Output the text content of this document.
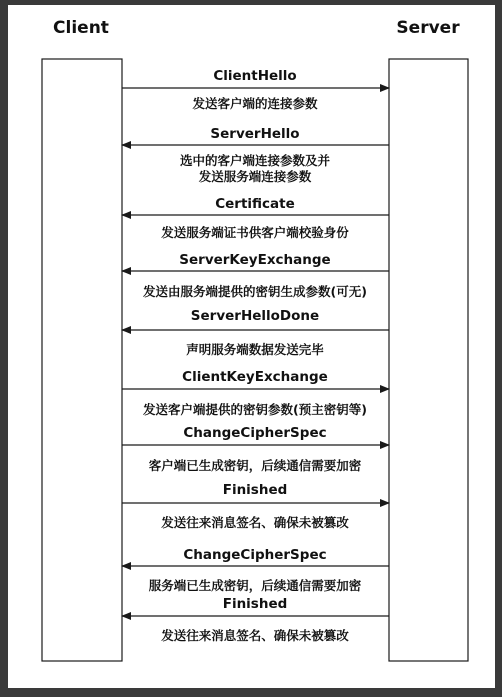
Client	Server
ClientHello
发送客户端的连接参数
ServerHello
选中的客户端连接参数及并
发送服务端连接参数
Certificate
发送服务端证书供客户端校验身份
ServerKeyExchange
发送由服务端提供的密钥生成参数(可无)
ServerHelloDone
声明服务端数据发送完毕
ClientKeyExchange
发送客户端提供的密钥参数(预主密钥等)
ChangeCipherSpec
客户端已生成密钥，后续通信需要加密
Finished
发送往来消息签名、确保未被篡改
ChangeCipherSpec
服务端已生成密钥，后续通信需要加密
Finished
发送往来消息签名、确保未被篡改
